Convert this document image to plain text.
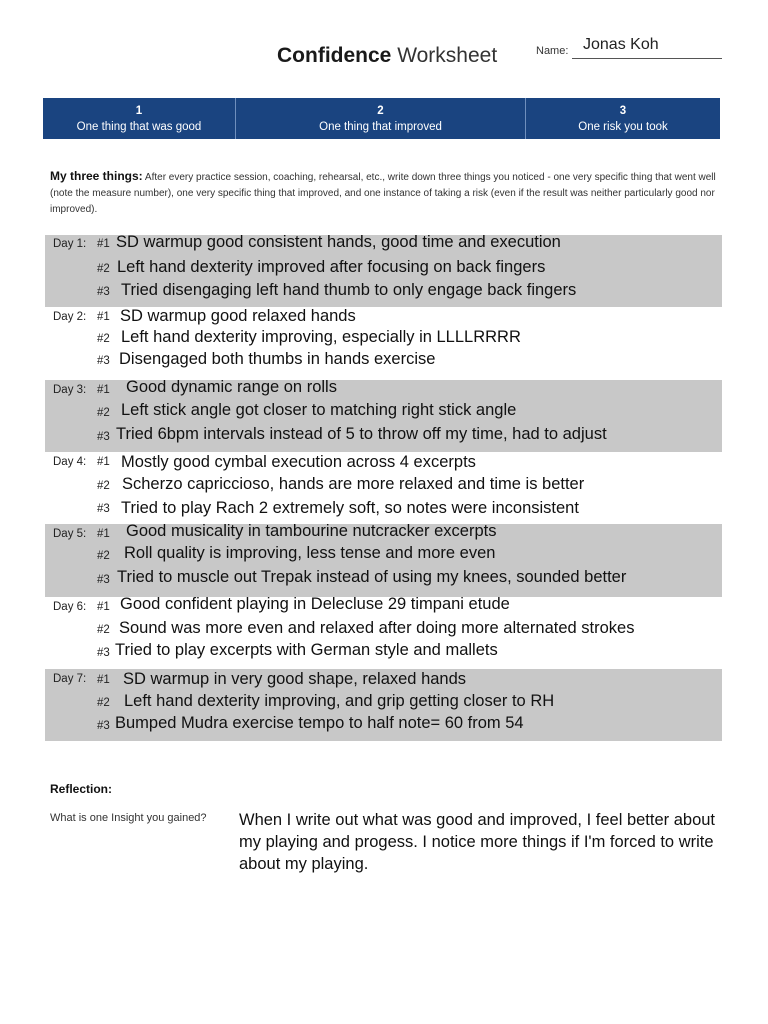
Confidence Worksheet	Name: Jonas Koh
1
One thing that was good
2
One thing that improved
3
One risk you took
My three things: After every practice session, coaching, rehearsal, etc., write down three things you noticed - one very specific thing that went well (note the measure number), one very specific thing that improved, and one instance of taking a risk (even if the result was neither particularly good nor improved).
Day 1: #1 SD warmup good consistent hands, good time and execution
#2 Left hand dexterity improved after focusing on back fingers
#3 Tried disengaging left hand thumb to only engage back fingers
Day 2: #1 SD warmup good relaxed hands
#2 Left hand dexterity improving, especially in LLLLRRRR
#3 Disengaged both thumbs in hands exercise
Day 3: #1 Good dynamic range on rolls
#2 Left stick angle got closer to matching right stick angle
#3 Tried 6bpm intervals instead of 5 to throw off my time, had to adjust
Day 4: #1 Mostly good cymbal execution across 4 excerpts
#2 Scherzo capriccioso, hands are more relaxed and time is better
#3 Tried to play Rach 2 extremely soft, so notes were inconsistent
Day 5: #1 Good musicality in tambourine nutcracker excerpts
#2 Roll quality is improving, less tense and more even
#3 Tried to muscle out Trepak instead of using my knees, sounded better
Day 6: #1 Good confident playing in Delecluse 29 timpani etude
#2 Sound was more even and relaxed after doing more alternated strokes
#3 Tried to play excerpts with German style and mallets
Day 7: #1 SD warmup in very good shape, relaxed hands
#2 Left hand dexterity improving, and grip getting closer to RH
#3 Bumped Mudra exercise tempo to half note= 60 from 54
Reflection:
What is one Insight you gained? When I write out what was good and improved, I feel better about my playing and progess. I notice more things if I'm forced to write about my playing.
